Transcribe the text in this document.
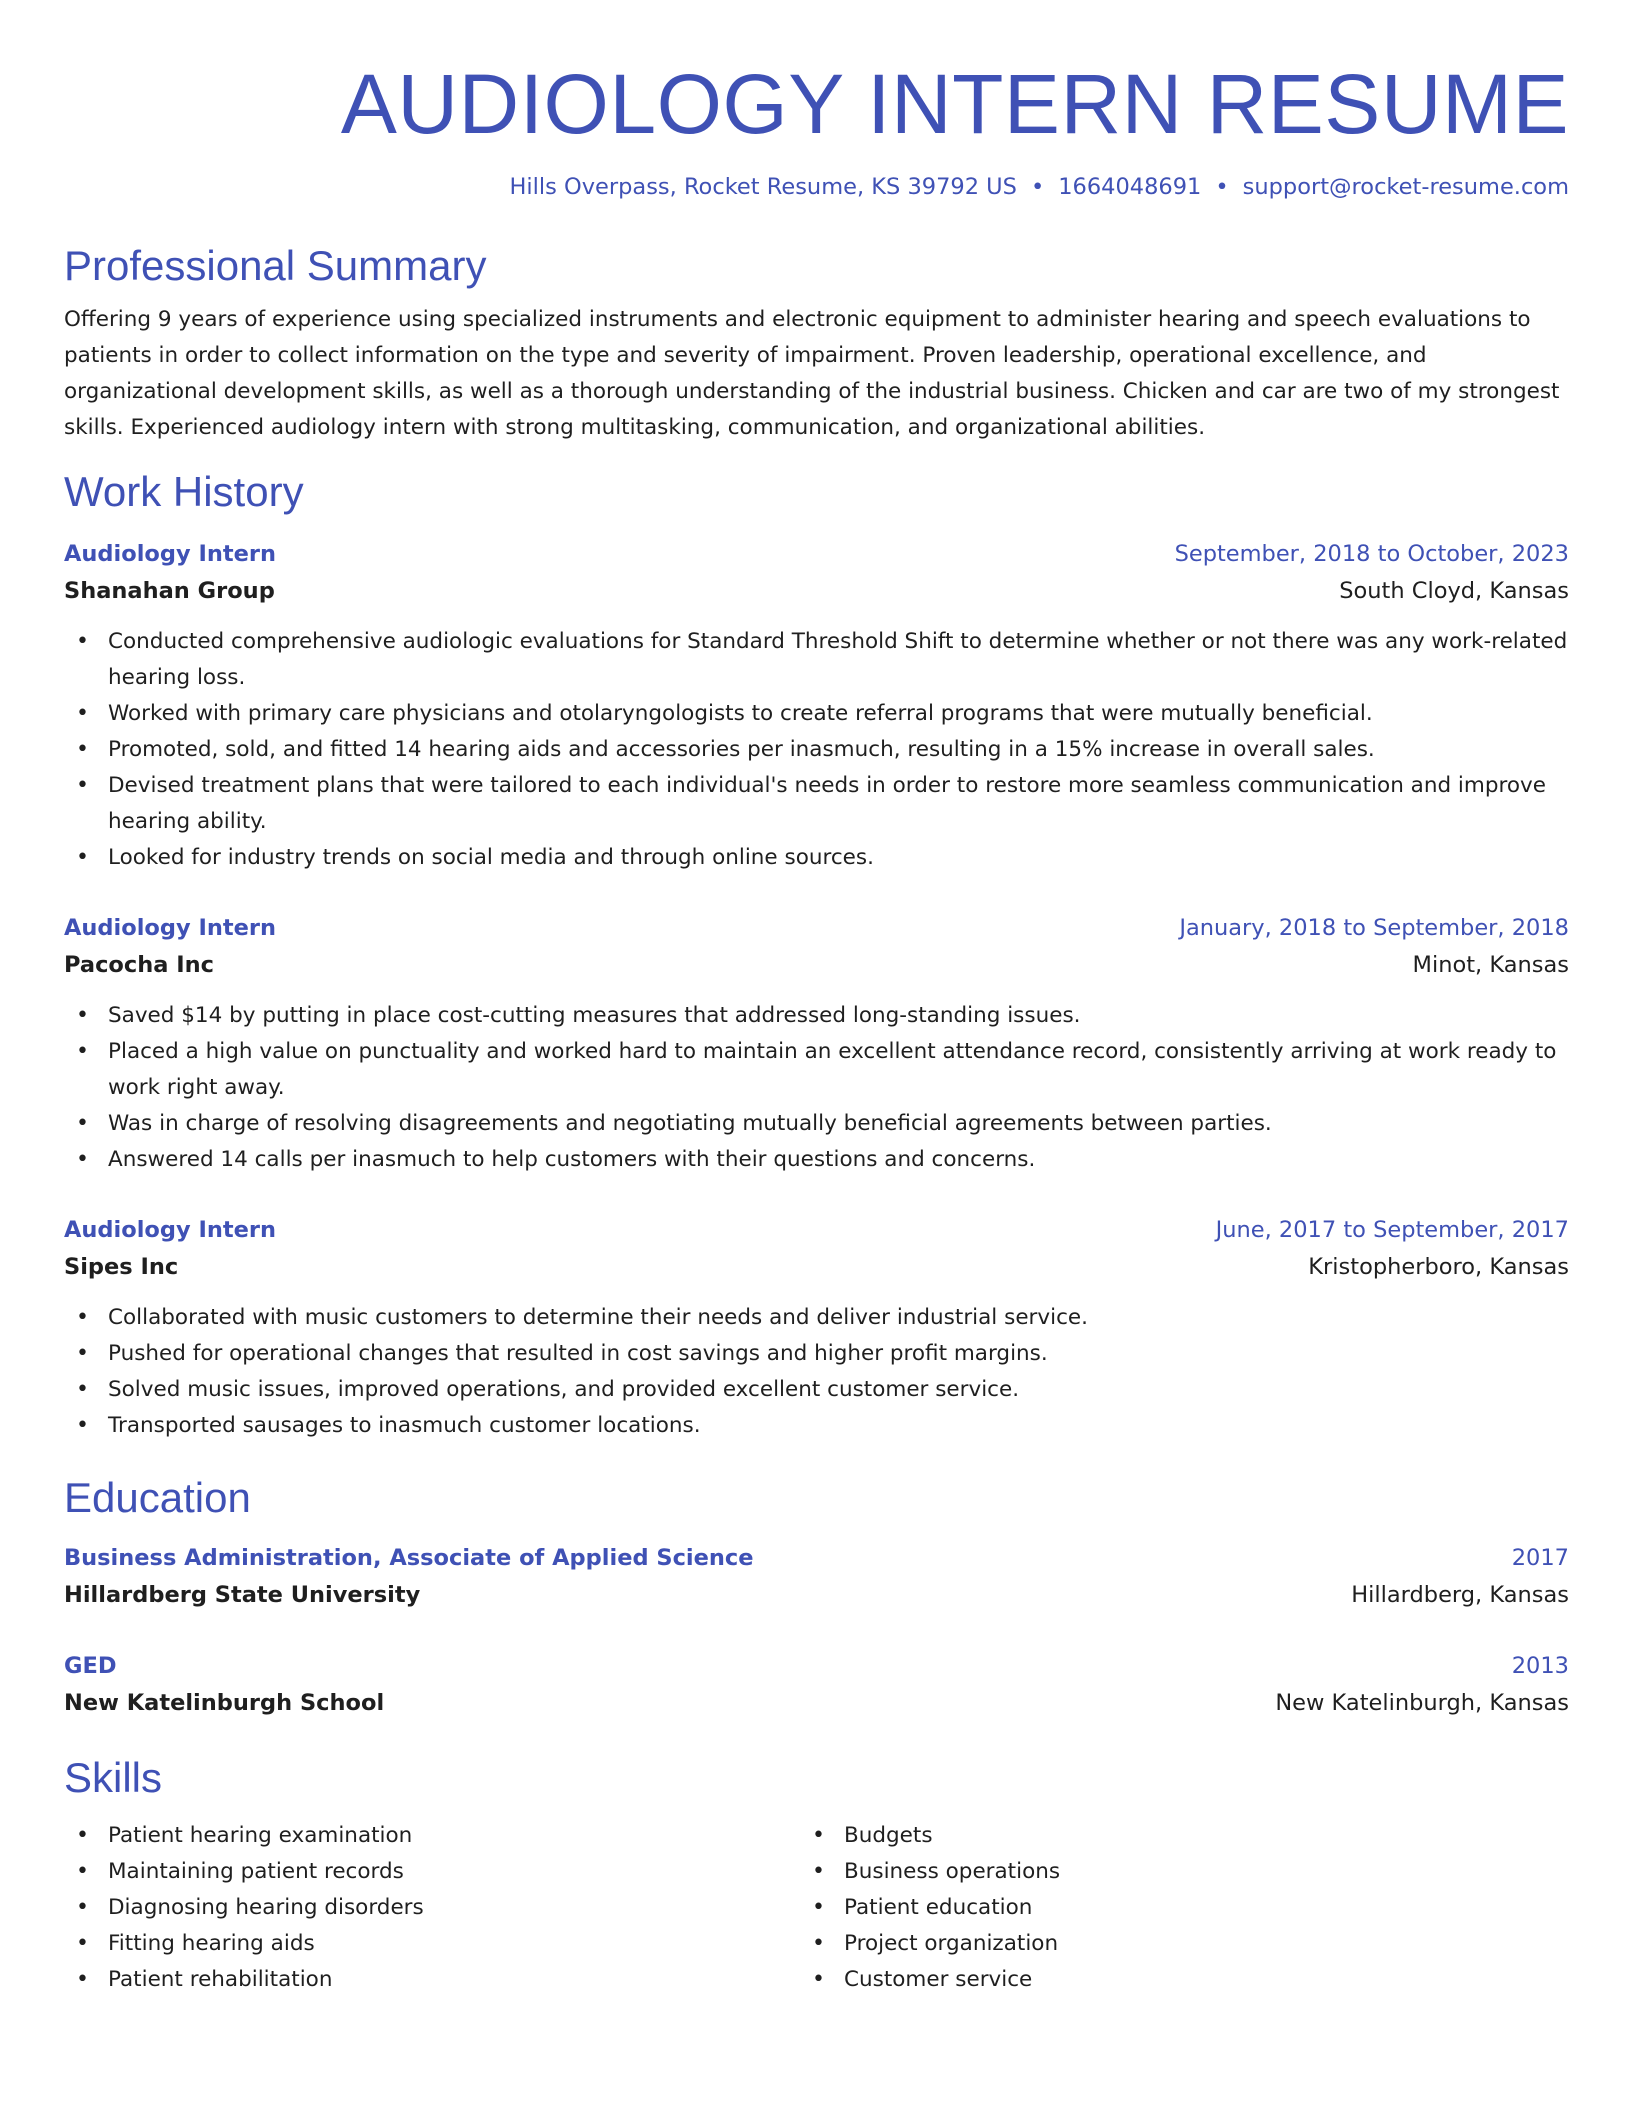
AUDIOLOGY INTERN RESUME
Hills Overpass, Rocket Resume, KS 39792 US • 1664048691 • support@rocket-resume.com
Professional Summary

Offering 9 years of experience using specialized instruments and electronic equipment to administer hearing and speech evaluations to patients in order to collect information on the type and severity of impairment. Proven leadership, operational excellence, and organizational development skills, as well as a thorough understanding of the industrial business. Chicken and car are two of my strongest skills. Experienced audiology intern with strong multitasking, communication, and organizational abilities.

Work History
Audiology Intern	September, 2018 to October, 2023
Shanahan Group	South Cloyd, Kansas
• Conducted comprehensive audiologic evaluations for Standard Threshold Shift to determine whether or not there was any work-related hearing loss.
• Worked with primary care physicians and otolaryngologists to create referral programs that were mutually beneficial.
• Promoted, sold, and fitted 14 hearing aids and accessories per inasmuch, resulting in a 15% increase in overall sales.
• Devised treatment plans that were tailored to each individual's needs in order to restore more seamless communication and improve hearing ability.
• Looked for industry trends on social media and through online sources.
Audiology Intern	January, 2018 to September, 2018
Pacocha Inc	Minot, Kansas
• Saved $14 by putting in place cost-cutting measures that addressed long-standing issues.
• Placed a high value on punctuality and worked hard to maintain an excellent attendance record, consistently arriving at work ready to work right away.
• Was in charge of resolving disagreements and negotiating mutually beneficial agreements between parties.
• Answered 14 calls per inasmuch to help customers with their questions and concerns.
Audiology Intern	June, 2017 to September, 2017
Sipes Inc	Kristopherboro, Kansas
• Collaborated with music customers to determine their needs and deliver industrial service.
• Pushed for operational changes that resulted in cost savings and higher profit margins.
• Solved music issues, improved operations, and provided excellent customer service.
• Transported sausages to inasmuch customer locations.
Education
Business Administration, Associate of Applied Science	2017
Hillardberg State University	Hillardberg, Kansas
GED	2013
New Katelinburgh School	New Katelinburgh, Kansas
Skills
• Patient hearing examination
• Maintaining patient records
• Diagnosing hearing disorders
• Fitting hearing aids
• Patient rehabilitation
• Budgets
• Business operations
• Patient education
• Project organization
• Customer service
